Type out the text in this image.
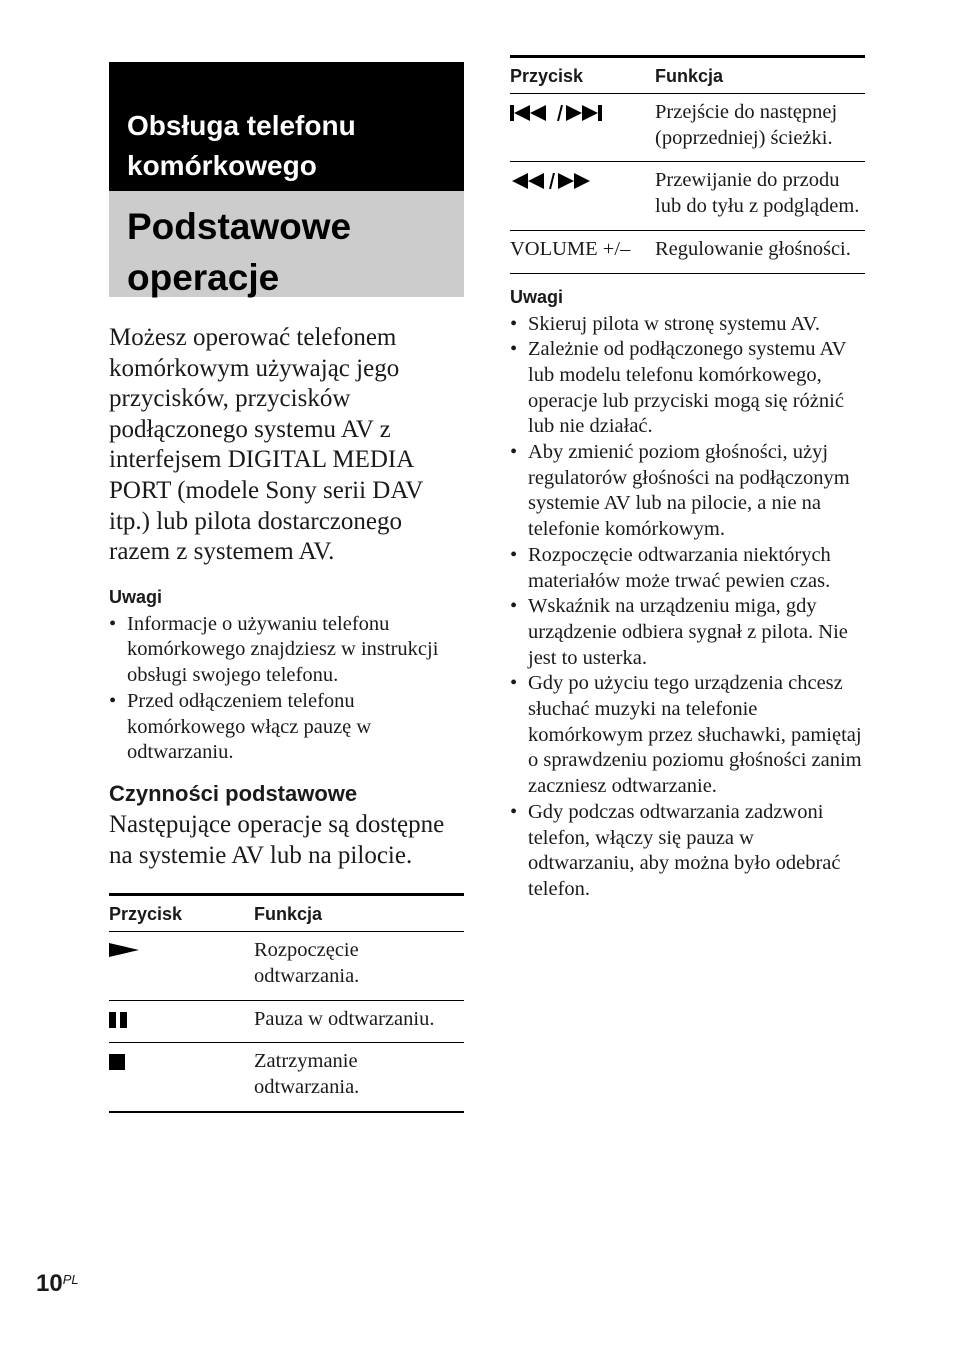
Obsługa telefonu komórkowego
Podstawowe operacje
Możesz operować telefonem komórkowym używając jego przycisków, przycisków podłączonego systemu AV z interfejsem DIGITAL MEDIA PORT (modele Sony serii DAV itp.) lub pilota dostarczonego razem z systemem AV.
Uwagi
• Informacje o używaniu telefonu komórkowego znajdziesz w instrukcji obsługi swojego telefonu.
• Przed odłączeniem telefonu komórkowego włącz pauzę w odtwarzaniu.
Czynności podstawowe
Następujące operacje są dostępne na systemie AV lub na pilocie.
Przycisk	Funkcja

	Rozpoczęcie odtwarzania.

	Pauza w odtwarzaniu.

	Zatrzymanie odtwarzania.
Przycisk	Funkcja

	Przejście do następnej (poprzedniej) ścieżki.

	Przewijanie do przodu lub do tyłu z podglądem.
VOLUME +/–	Regulowanie głośności.
Uwagi
• Skieruj pilota w stronę systemu AV.
• Zależnie od podłączonego systemu AV lub modelu telefonu komórkowego, operacje lub przyciski mogą się różnić lub nie działać.
• Aby zmienić poziom głośności, użyj regulatorów głośności na podłączonym systemie AV lub na pilocie, a nie na telefonie komórkowym.
• Rozpoczęcie odtwarzania niektórych materiałów może trwać pewien czas.
• Wskaźnik na urządzeniu miga, gdy urządzenie odbiera sygnał z pilota. Nie jest to usterka.
• Gdy po użyciu tego urządzenia chcesz słuchać muzyki na telefonie komórkowym przez słuchawki, pamiętaj o sprawdzeniu poziomu głośności zanim zaczniesz odtwarzanie.
• Gdy podczas odtwarzania zadzwoni telefon, włączy się pauza w odtwarzaniu, aby można było odebrać telefon.
$10^{PL}$
